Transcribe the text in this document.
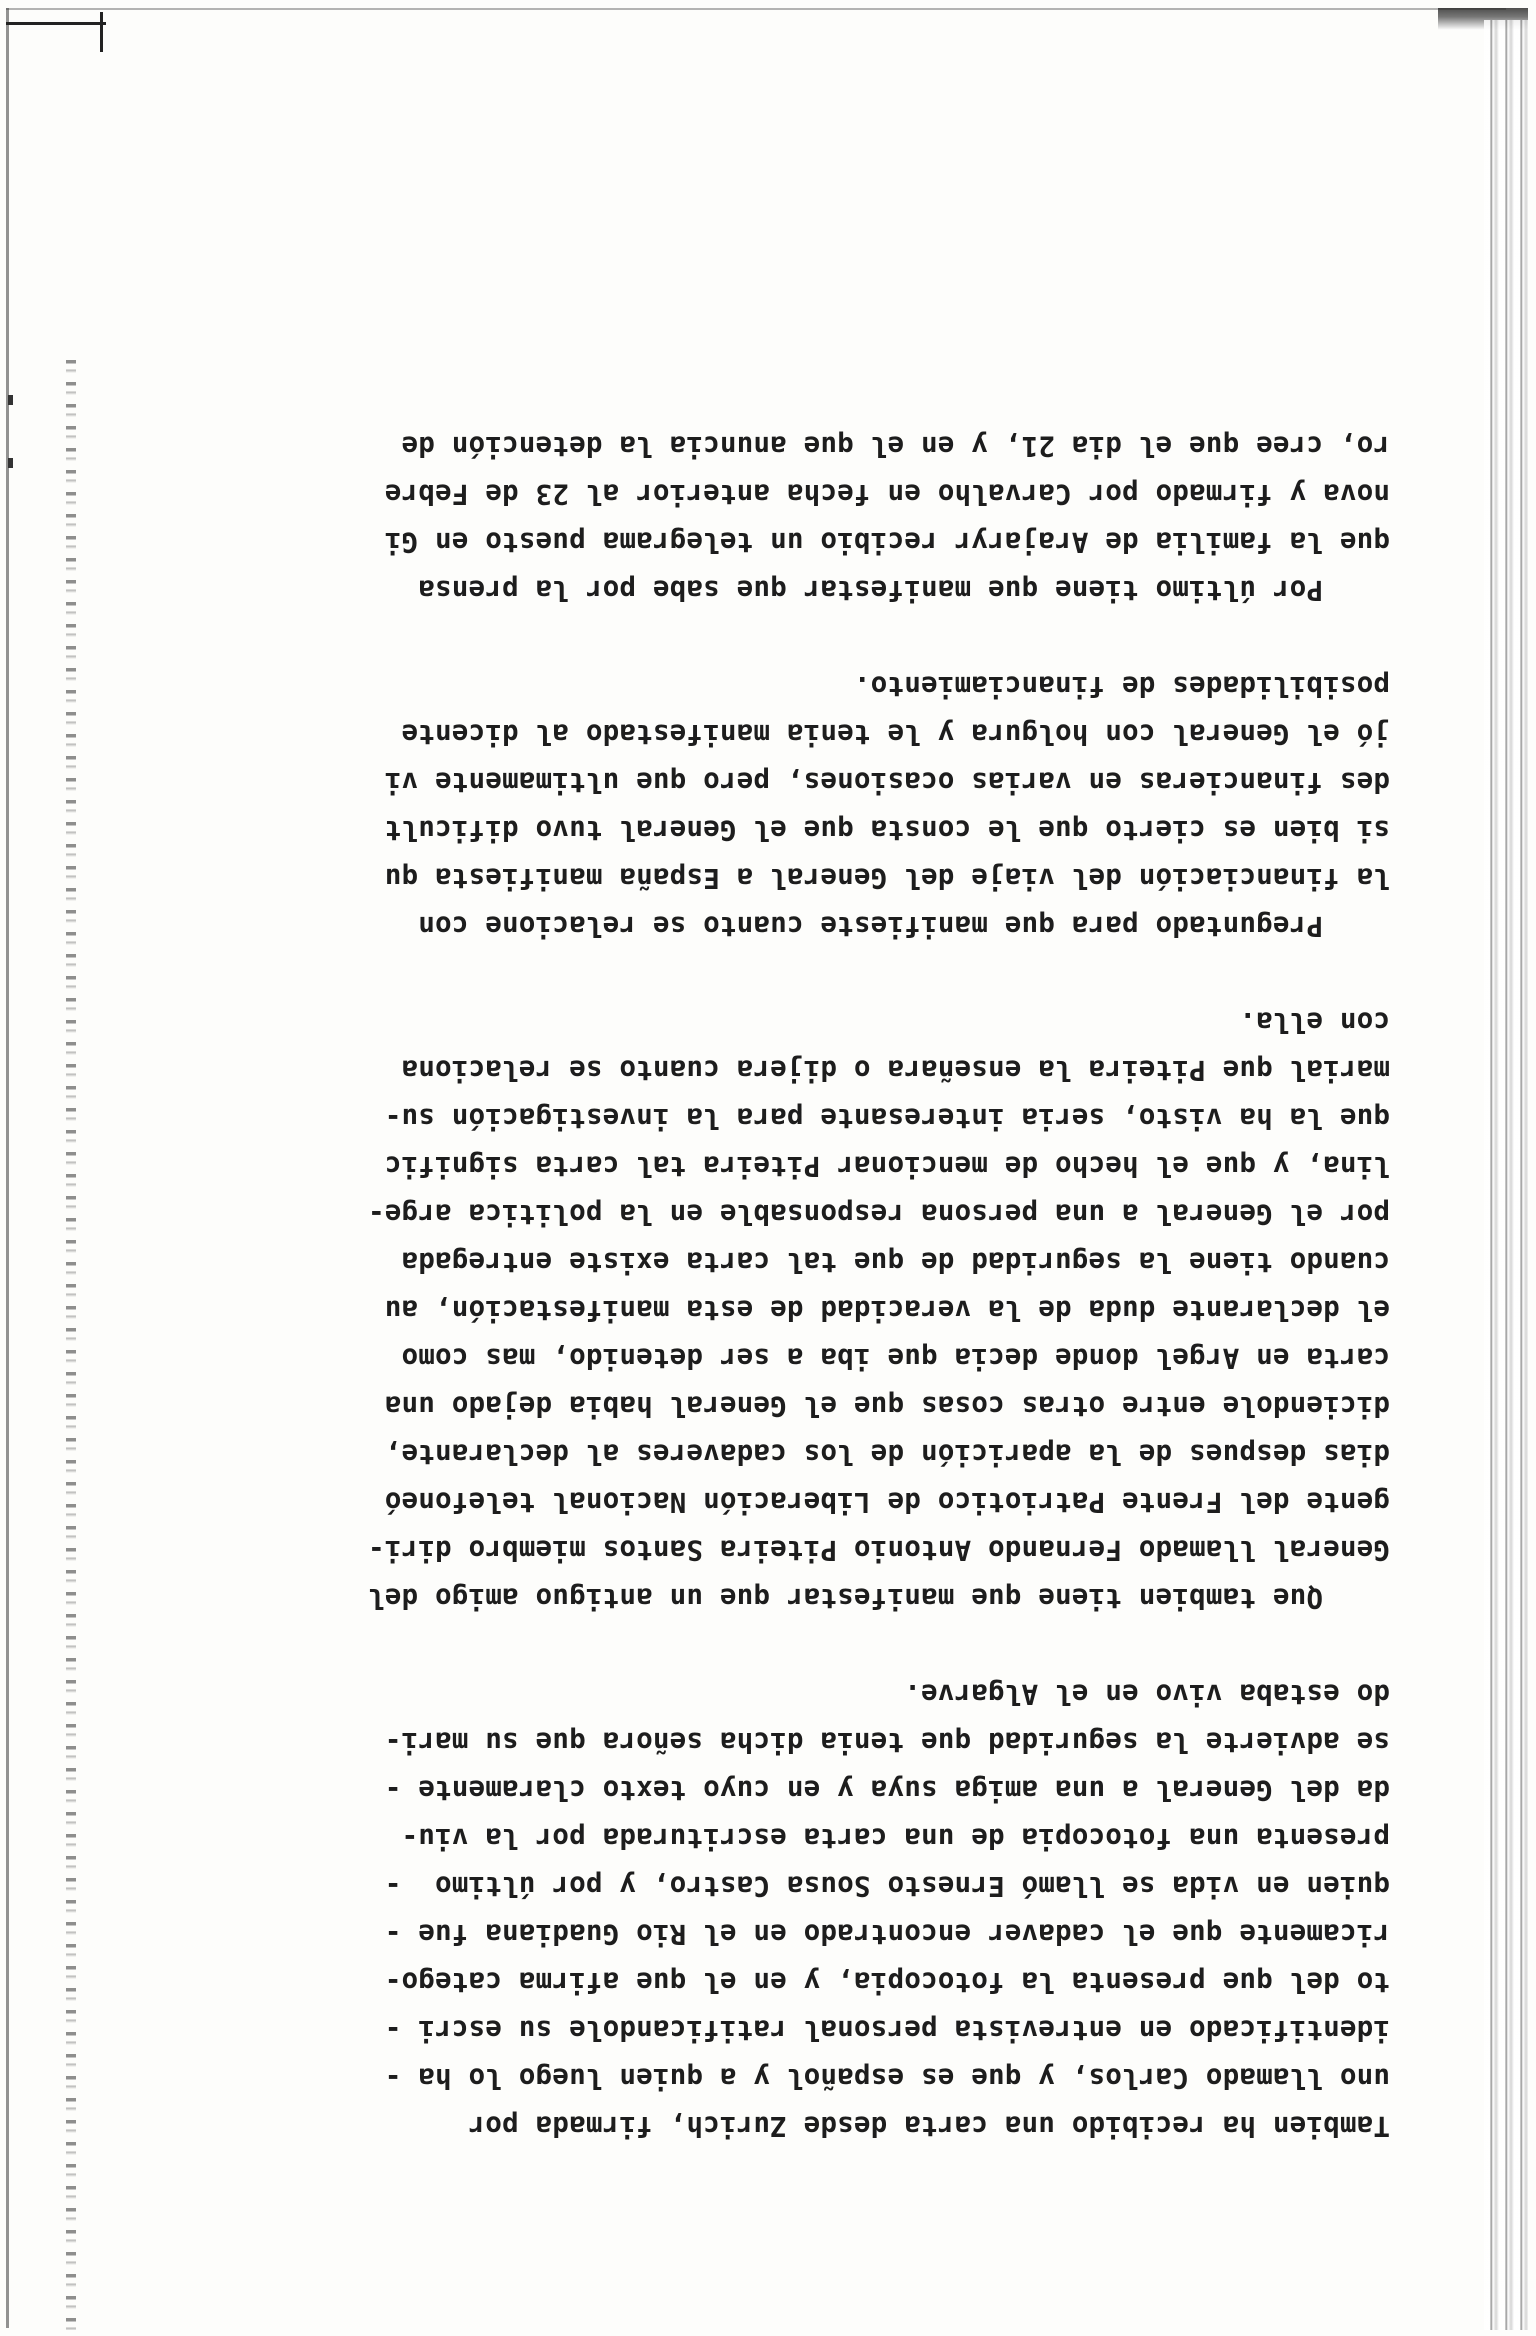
Tambien ha recibido una carta desde Zurich, firmada por
uno llamado Carlos, y que es español y a quien luego lo ha -
identificado en entrevista personal ratificandole su escri -
to del que presenta la fotocopia, y en el que afirma catego-
ricamente que el cadaver encontrado en el Rio Guadiana fue -
quien en vida se llamó Ernesto Sousa Castro, y por último  -
presenta una fotocopia de una carta escriturada por la viu-
da del General a una amiga suya y en cuyo texto claramente -
se advierte la seguridad que tenia dicha señora que su mari-
do estaba vivo en el Algarve.
Que tambien tiene que manifestar que un antiguo amigo del
General llamado Fernando Antonio Piteira Santos miembro diri-
gente del Frente Patriotico de Liberación Nacional telefoneó
dias despues de la aparición de los cadaveres al declarante,
diciendole entre otras cosas que el General habia dejado una
carta en Argel donde decia que iba a ser detenido, mas como
el declarante duda de la veracidad de esta manifestación, au
cuando tiene la seguridad de que tal carta existe entregada
por el General a una persona responsable en la politica arge-
lina, y que el hecho de mencionar Piteira tal carta signific
que la ha visto, seria interesante para la investigación su-
marial que Piteira la enseñara o dijera cuanto se relaciona
con ella.
Preguntado para que manifieste cuanto se relacione con
la financiación del viaje del General a España manifiesta qu
si bien es cierto que le consta que el General tuvo dificult
des financieras en varias ocasiones, pero que ultimamente vi
jó el General con holgura y le tenia manifestado al dicente
posibilidades de financiamiento.
Por último tiene que manifestar que sabe por la prensa
que la familia de Arajaryr recibio un telegrama puesto en Gi
nova y firmado por Carvalho en fecha anterior al 23 de Febre
ro, cree que el dia 21, y en el que anuncia la detención de
